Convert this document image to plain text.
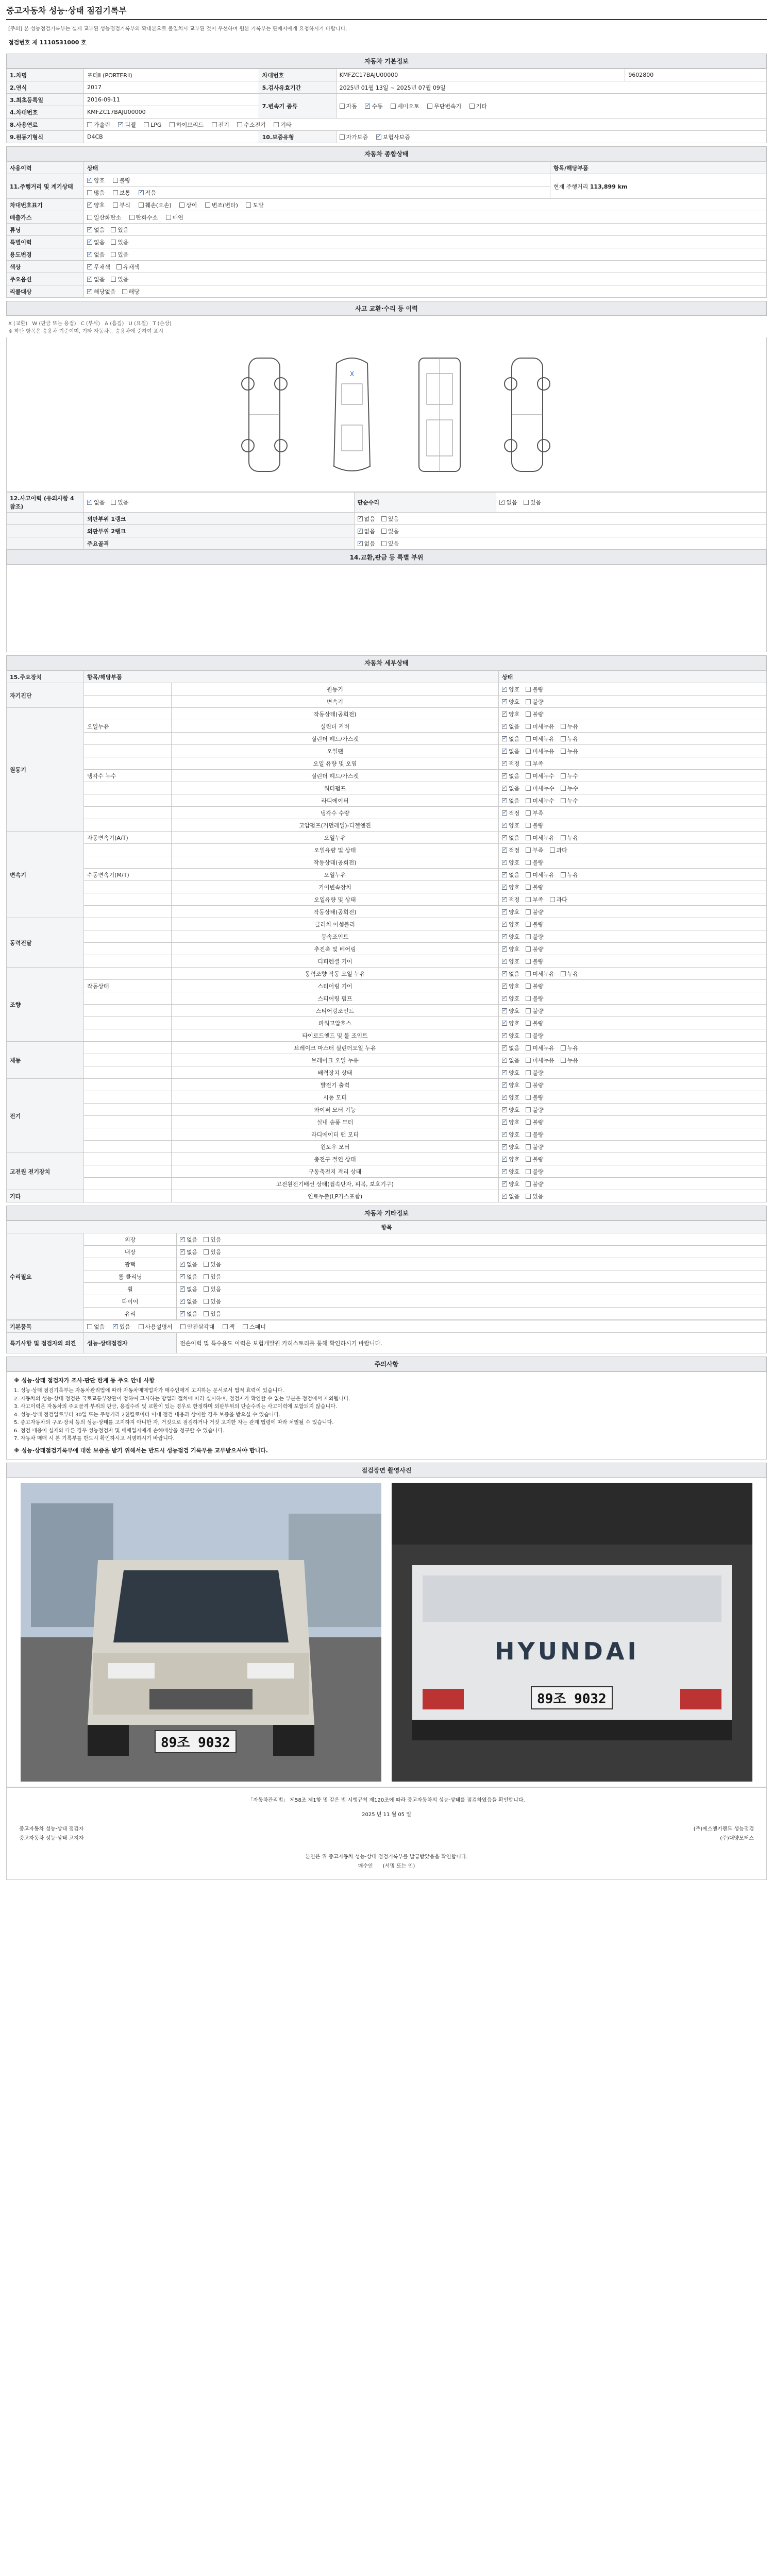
중고자동차 성능·상태 점검기록부
[주의] 본 성능점검기록부는 실제 교부된 성능점검기록부의 확대본으로 불일치시 교부된 것이 우선하며 원본 기록부는 판매자에게 요청하시기 바랍니다.
점검번호 제 1110531000 호
자동차 기본정보
1.차명	포터Ⅱ (PORTERⅡ)	차대번호	KMFZC17BAJU00000	9602800
2.연식	2017	5.검사유효기간	2025년 01월 13일 ~ 2025년 07월 09일	
3.최초등록일	2016-09-11	7.변속기 종류	자동 ✓ 수동 세미오토 무단변속기 기타
4.차대번호	KMFZC17BAJU00000			
8.사용연료	가솔린 ✓ 디젤 LPG 하이브리드 전기 수소전기 기타
9.원동기형식	D4CB	10.보증유형	자가보증 ✓ 보험사보증
자동차 종합상태
사용이력	상태	항목/해당부품
11.주행거리 및 계기상태	✓양호 불량	현재 주행거리 113,899 km
	많음 보통 ✓ 적음
차대번호표기	✓양호 부식 훼손(오손) 상이 변조(변타) 도말
배출가스	일산화탄소 탄화수소 매연	
튜닝	✓없음 있음
특별이력	✓없음 있음
용도변경	✓없음 있음
색상	✓무채색 유채색
주요옵션	✓없음 있음
리콜대상	✓해당없음 해당
사고 교환·수리 등 이력
X (교환) W (판금 또는 용접) C (부식) A (흠집) U (요철) T (손상)
※ 하단 항목은 승용차 기준이며, 기타 자동차는 승용차에 준하여 표시
X
12.사고이력 (유의사항 4 참조)	✓없음 있음	단순수리	✓없음 있음
	외판부위 1랭크	✓없음 있음
	외판부위 2랭크	✓없음 있음
	주요골격	✓없음 있음
14.교환,판금 등 특별 부위
자동차 세부상태
15.주요장치	항목/해당부품		상태
자기진단		원동기	✓양호 불량
		변속기	✓양호 불량
원동기		작동상태(공회전)	✓양호 불량
	오일누유	실린더 커버	✓없음 미세누유 누유
		실린더 헤드/가스켓	✓없음 미세누유 누유
		오일팬	✓없음 미세누유 누유
		오일 유량 및 오염	✓적정 부족
	냉각수 누수	실린더 헤드/가스켓	✓없음 미세누수 누수
		워터펌프	✓없음 미세누수 누수
		라디에이터	✓없음 미세누수 누수
		냉각수 수량	✓적정 부족
		고압펌프(커먼레일)-디젤엔진	✓양호 불량
변속기	자동변속기(A/T)	오일누유	✓없음 미세누유 누유
		오일유량 및 상태	✓적정 부족 과다
		작동상태(공회전)	✓양호 불량
	수동변속기(M/T)	오일누유	✓없음 미세누유 누유
		기어변속장치	✓양호 불량
		오일유량 및 상태	✓적정 부족 과다
		작동상태(공회전)	✓양호 불량
동력전달		클러치 어셈블리	✓양호 불량
		등속조인트	✓양호 불량
		추진축 및 베어링	✓양호 불량
		디퍼렌셜 기어	✓양호 불량
조향		동력조향 작동 오일 누유	✓없음 미세누유 누유
	작동상태	스티어링 기어	✓양호 불량
		스티어링 펌프	✓양호 불량
		스티어링조인트	✓양호 불량
		파워고압호스	✓양호 불량
		타이로드엔드 및 볼 조인트	✓양호 불량
제동		브레이크 마스터 실린더오일 누유	✓없음 미세누유 누유
		브레이크 오일 누유	✓없음 미세누유 누유
		배력장치 상태	✓양호 불량
전기		발전기 출력	✓양호 불량
		시동 모터	✓양호 불량
		와이퍼 모터 기능	✓양호 불량
		실내 송풍 모터	✓양호 불량
		라디에이터 팬 모터	✓양호 불량
		윈도우 모터	✓양호 불량
고전원 전기장치		충전구 절연 상태	✓양호 불량
		구동축전지 격리 상태	✓양호 불량
		고전원전기배선 상태(접속단자, 피복, 보호기구)	✓양호 불량
기타		연료누출(LP가스포함)	✓없음 있음
자동차 기타정보
항목		
수리필요	외장	✓없음 있음
	내장	✓없음 있음
	광택	✓없음 있음
	룸 클리닝	✓없음 있음
	휠	✓없음 있음
	타이어	✓없음 있음
	유리	✓없음 있음
기본품목	없음 ✓ 있음 사용설명서 안전삼각대 잭 스패너
특기사항 및 점검자의 의견	성능·상태점검자	전손이력 및 특수용도 이력은 보험개발원 카히스토리를 통해 확인하시기 바랍니다.
주의사항
※ 성능·상태 점검자가 조사·판단 한계 등 주요 안내 사항
1. 성능·상태 점검기록부는 자동차관리법에 따라 자동차매매업자가 매수인에게 고지하는 문서로서 법적 효력이 있습니다.
2. 자동차의 성능·상태 점검은 국토교통부장관이 정하여 고시하는 방법과 절차에 따라 실시하며, 점검자가 확인할 수 없는 부분은 점검에서 제외됩니다.
3. 사고이력은 자동차의 주요골격 부위의 판금, 용접수리 및 교환이 있는 경우로 한정하며 외판부위의 단순수리는 사고이력에 포함되지 않습니다.
4. 성능·상태 점검일로부터 30일 또는 주행거리 2천킬로미터 이내 점검 내용과 상이할 경우 보증을 받으실 수 있습니다.
5. 중고자동차의 구조·장치 등의 성능·상태를 고지하지 아니한 자, 거짓으로 점검하거나 거짓 고지한 자는 관계 법령에 따라 처벌될 수 있습니다.
6. 점검 내용이 실제와 다른 경우 성능점검자 및 매매업자에게 손해배상을 청구할 수 있습니다.
7. 자동차 매매 시 본 기록부를 반드시 확인하시고 서명하시기 바랍니다.
※ 성능·상태점검기록부에 대한 보증을 받기 위해서는 반드시 성능점검 기록부를 교부받으셔야 합니다.
점검장면 촬영사진
89조 9032
HYUNDAI
89조 9032
「자동차관리법」 제58조 제1항 및 같은 법 시행규칙 제120조에 따라 중고자동차의 성능·상태를 점검하였음을 확인합니다.
2025 년 11 월 05 일
중고자동차 성능·상태 점검자	(주)에스엔카랜드 성능점검
중고자동차 성능·상태 고지자	(주)대양모터스
본인은 위 중고자동차 성능·상태 점검기록부를 발급받았음을 확인합니다.
매수인 (서명 또는 인)
